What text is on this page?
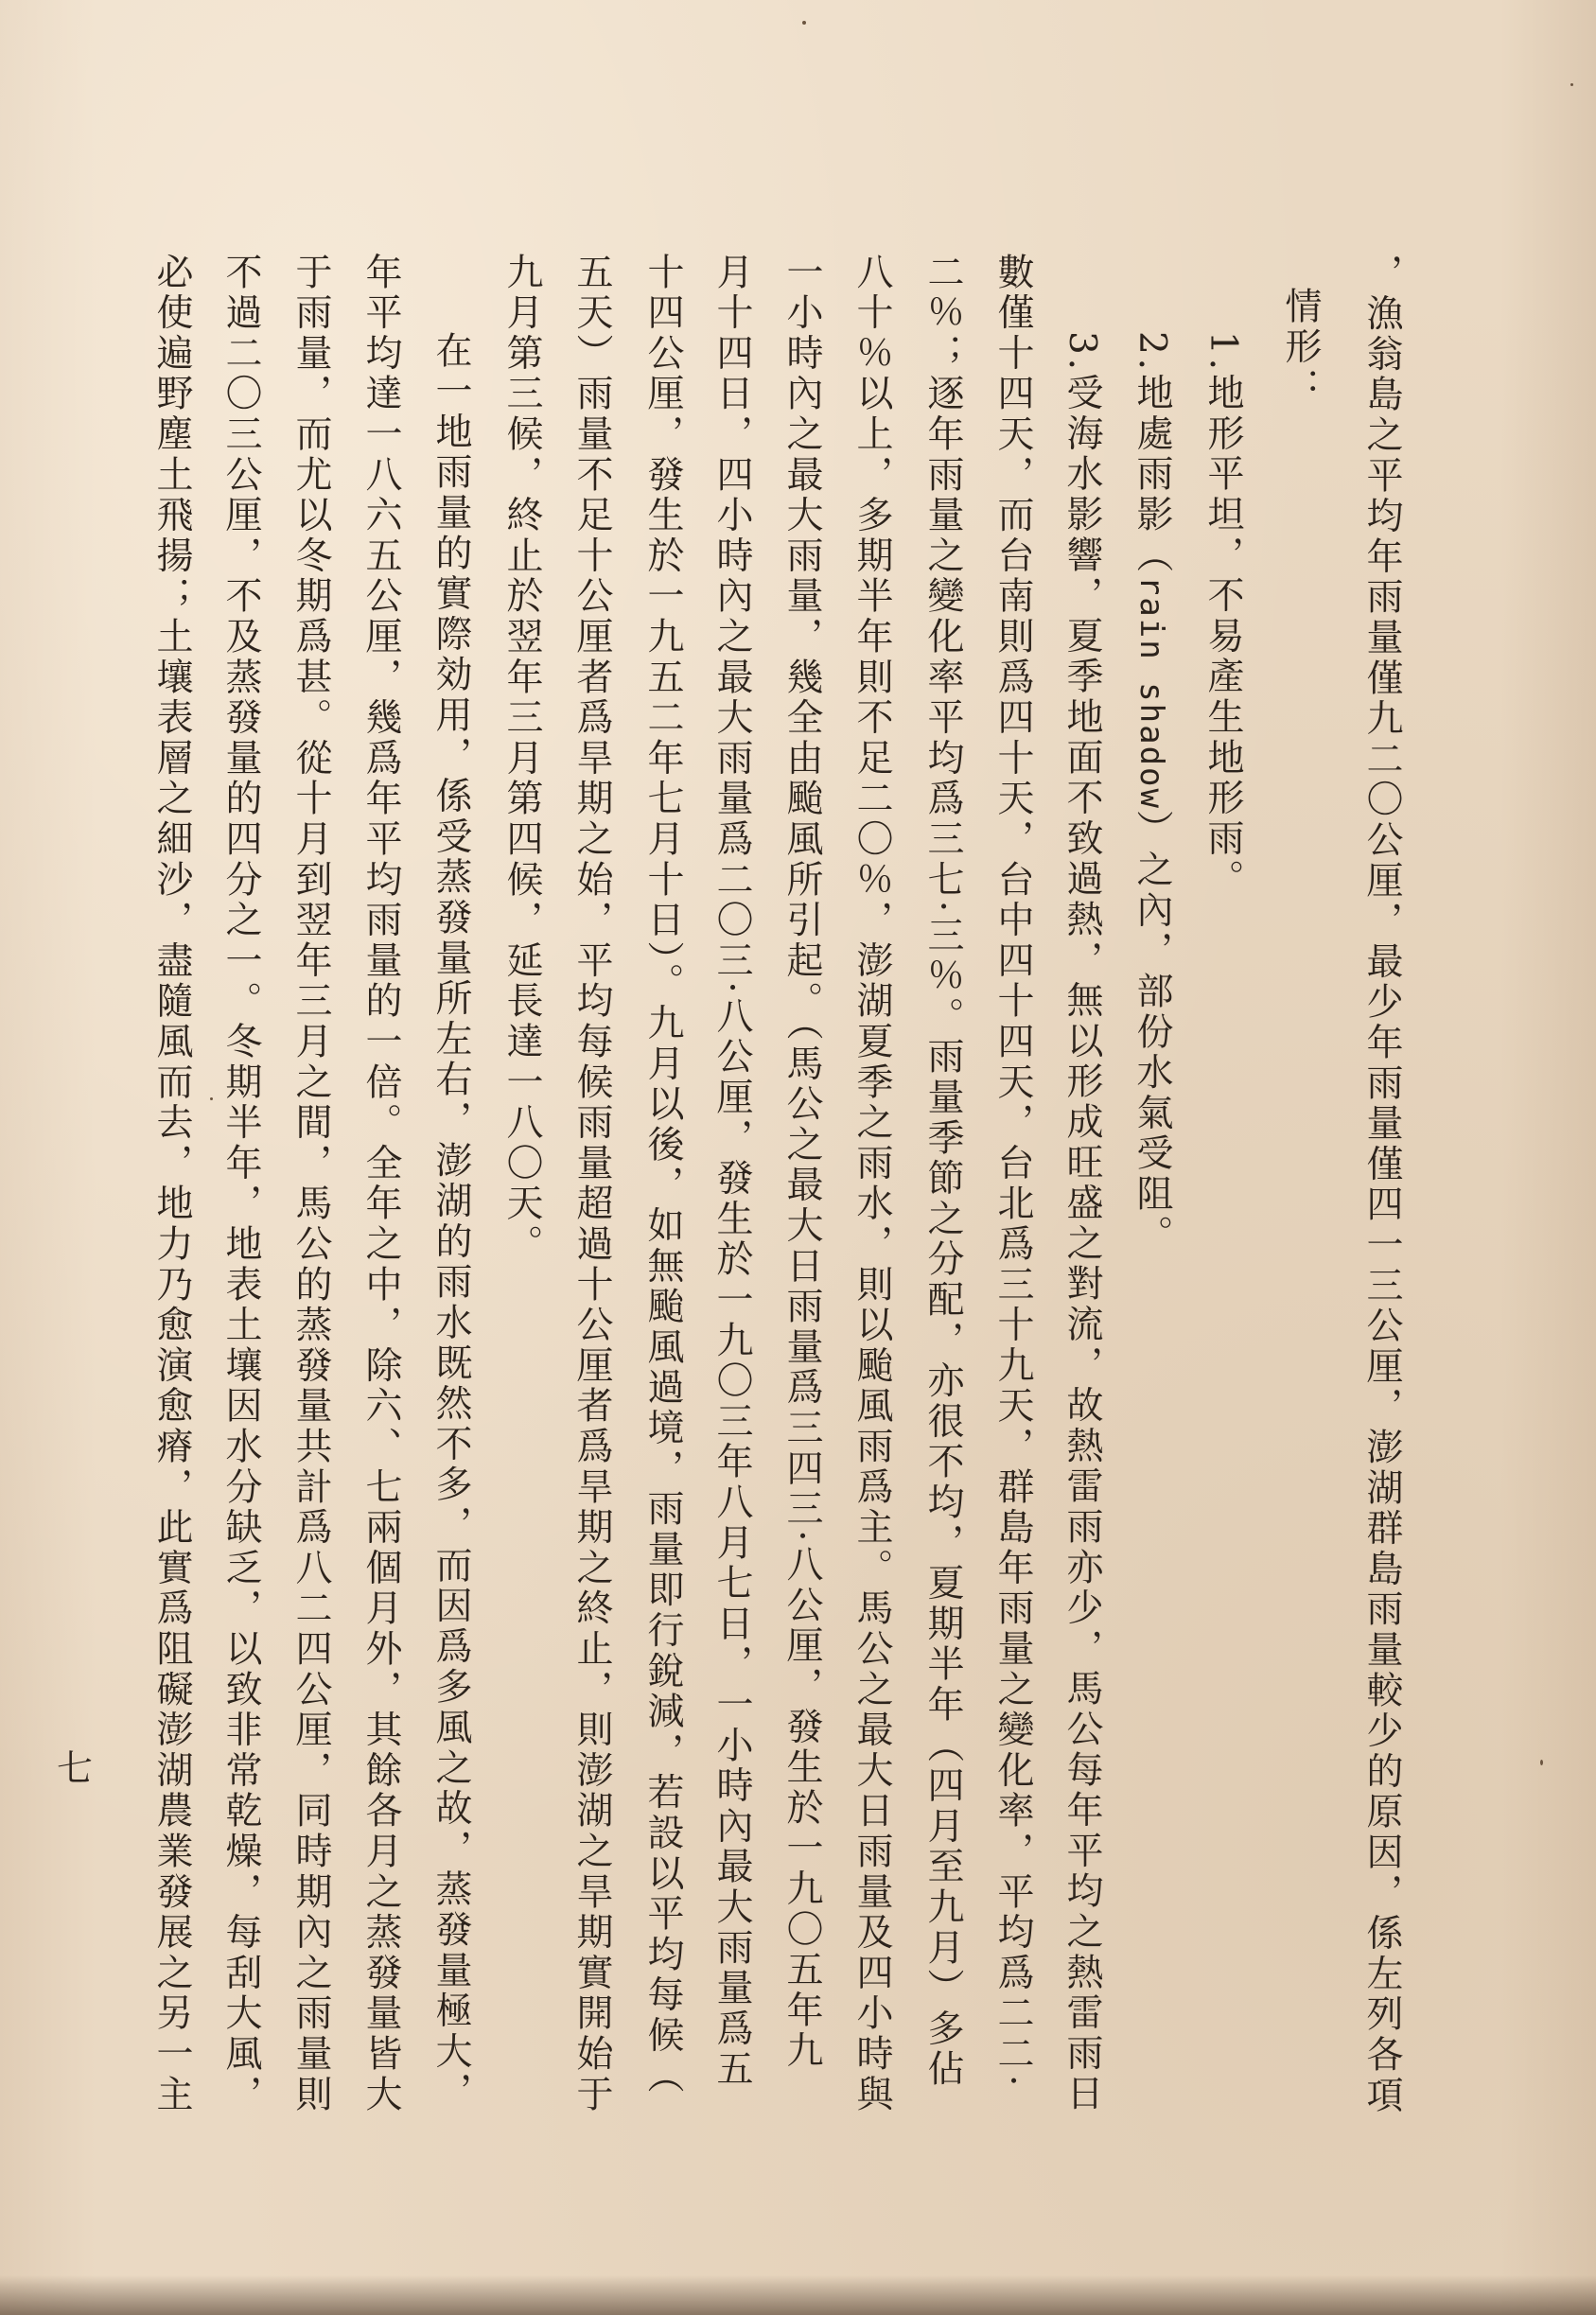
，漁翁島之平均年雨量僅九二〇公厘，最少年雨量僅四一三公厘，澎湖群島雨量較少的原因，係左列各項
情形：
1.地形平坦，不易產生地形雨。
2.地處雨影（rain shadow）之內，部份水氣受阻。
3.受海水影響，夏季地面不致過熱，無以形成旺盛之對流，故熱雷雨亦少，馬公每年平均之熱雷雨日
數僅十四天，而台南則爲四十天，台中四十四天，台北爲三十九天，群島年雨量之變化率，平均爲二二·
二％；逐年雨量之變化率平均爲三七·三％。雨量季節之分配，亦很不均，夏期半年（四月至九月）多佔
八十％以上，多期半年則不足二〇％，澎湖夏季之雨水，則以颱風雨爲主。馬公之最大日雨量及四小時與
一小時內之最大雨量，幾全由颱風所引起。（馬公之最大日雨量爲三四三·八公厘，發生於一九〇五年九
月十四日，四小時內之最大雨量爲二〇三·八公厘，發生於一九〇三年八月七日，一小時內最大雨量爲五
十四公厘，發生於一九五二年七月十日）。九月以後，如無颱風過境，雨量即行銳減，若設以平均每候（
五天）雨量不足十公厘者爲旱期之始，平均每候雨量超過十公厘者爲旱期之終止，則澎湖之旱期實開始于
九月第三候，終止於翌年三月第四候，延長達一八〇天。
在一地雨量的實際効用，係受蒸發量所左右，澎湖的雨水既然不多，而因爲多風之故，蒸發量極大，
年平均達一八六五公厘，幾爲年平均雨量的一倍。全年之中，除六、七兩個月外，其餘各月之蒸發量皆大
于雨量，而尤以冬期爲甚。從十月到翌年三月之間，馬公的蒸發量共計爲八二四公厘，同時期內之雨量則
不過二〇三公厘，不及蒸發量的四分之一。冬期半年，地表土壤因水分缺乏，以致非常乾燥，每刮大風，
必使遍野塵土飛揚；土壤表層之細沙，盡隨風而去，地力乃愈演愈瘠，此實爲阻礙澎湖農業發展之另一主
七
